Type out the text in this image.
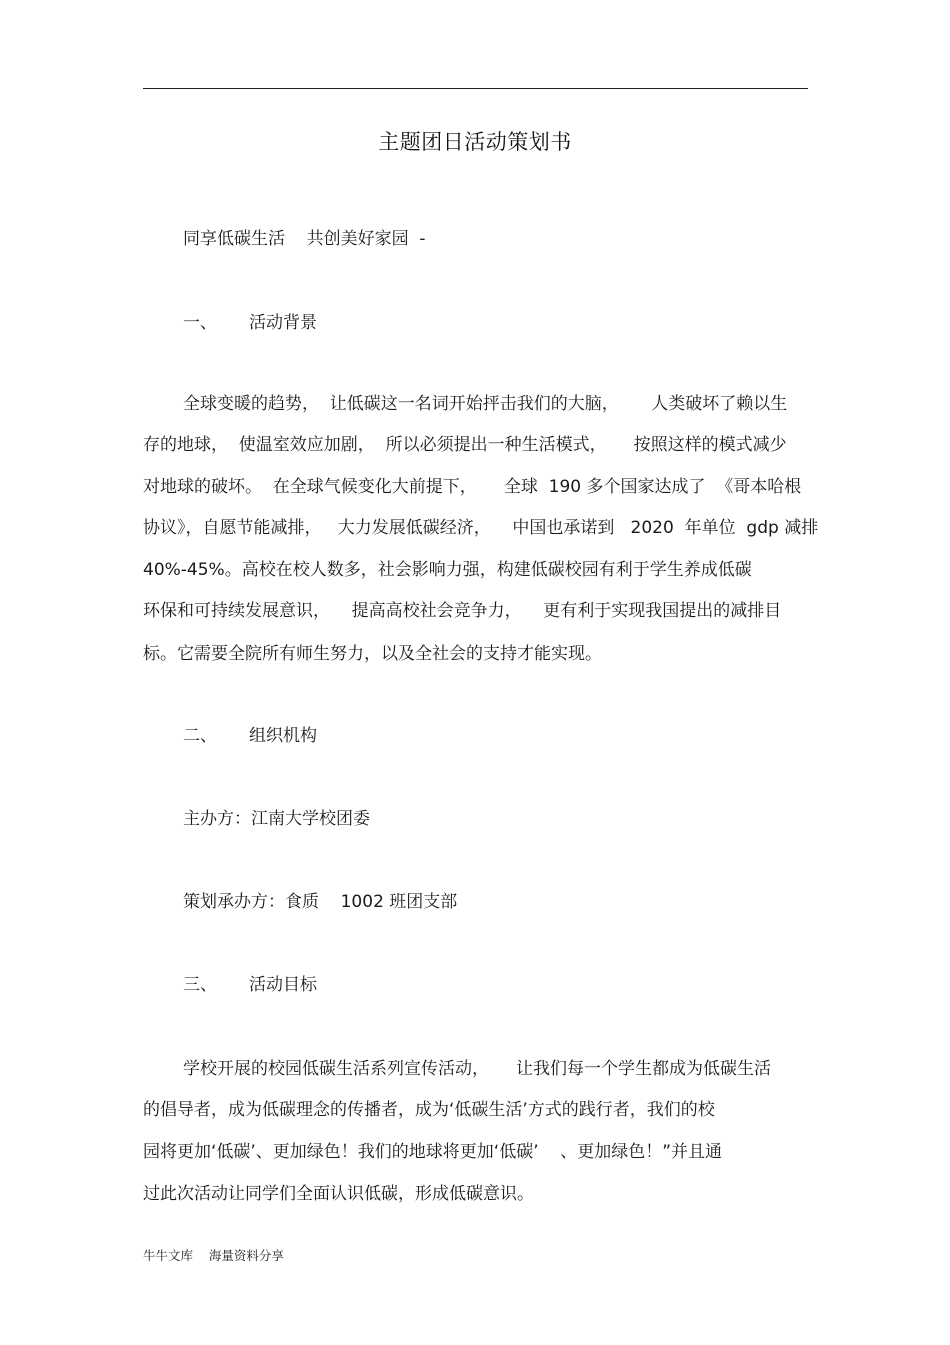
主题团日活动策划书
同享低碳生活    共创美好家园  -
一、 活动背景
全球变暖的趋势，  让低碳这一名词开始抨击我们的大脑，      人类破坏了赖以生
存的地球，  使温室效应加剧，  所以必须提出一种生活模式，     按照这样的模式减少
对地球的破坏。  在全球气候变化大前提下，     全球  190 多个国家达成了  《哥本哈根
协议》，自愿节能减排，   大力发展低碳经济，    中国也承诺到   2020  年单位  gdp 减排
40%-45%。高校在校人数多，社会影响力强，构建低碳校园有利于学生养成低碳
环保和可持续发展意识，    提高高校社会竞争力，    更有利于实现我国提出的减排目
标。它需要全院所有师生努力，以及全社会的支持才能实现。
二、 组织机构
主办方：江南大学校团委
策划承办方：食质    1002 班团支部
三、 活动目标
学校开展的校园低碳生活系列宣传活动，     让我们每一个学生都成为低碳生活
的倡导者，成为低碳理念的传播者，成为‘低碳生活’方式的践行者，我们的校
园将更加‘低碳’、更加绿色！我们的地球将更加‘低碳’    、更加绿色！”并且通
过此次活动让同学们全面认识低碳，形成低碳意识。
牛牛文库    海量资料分享
